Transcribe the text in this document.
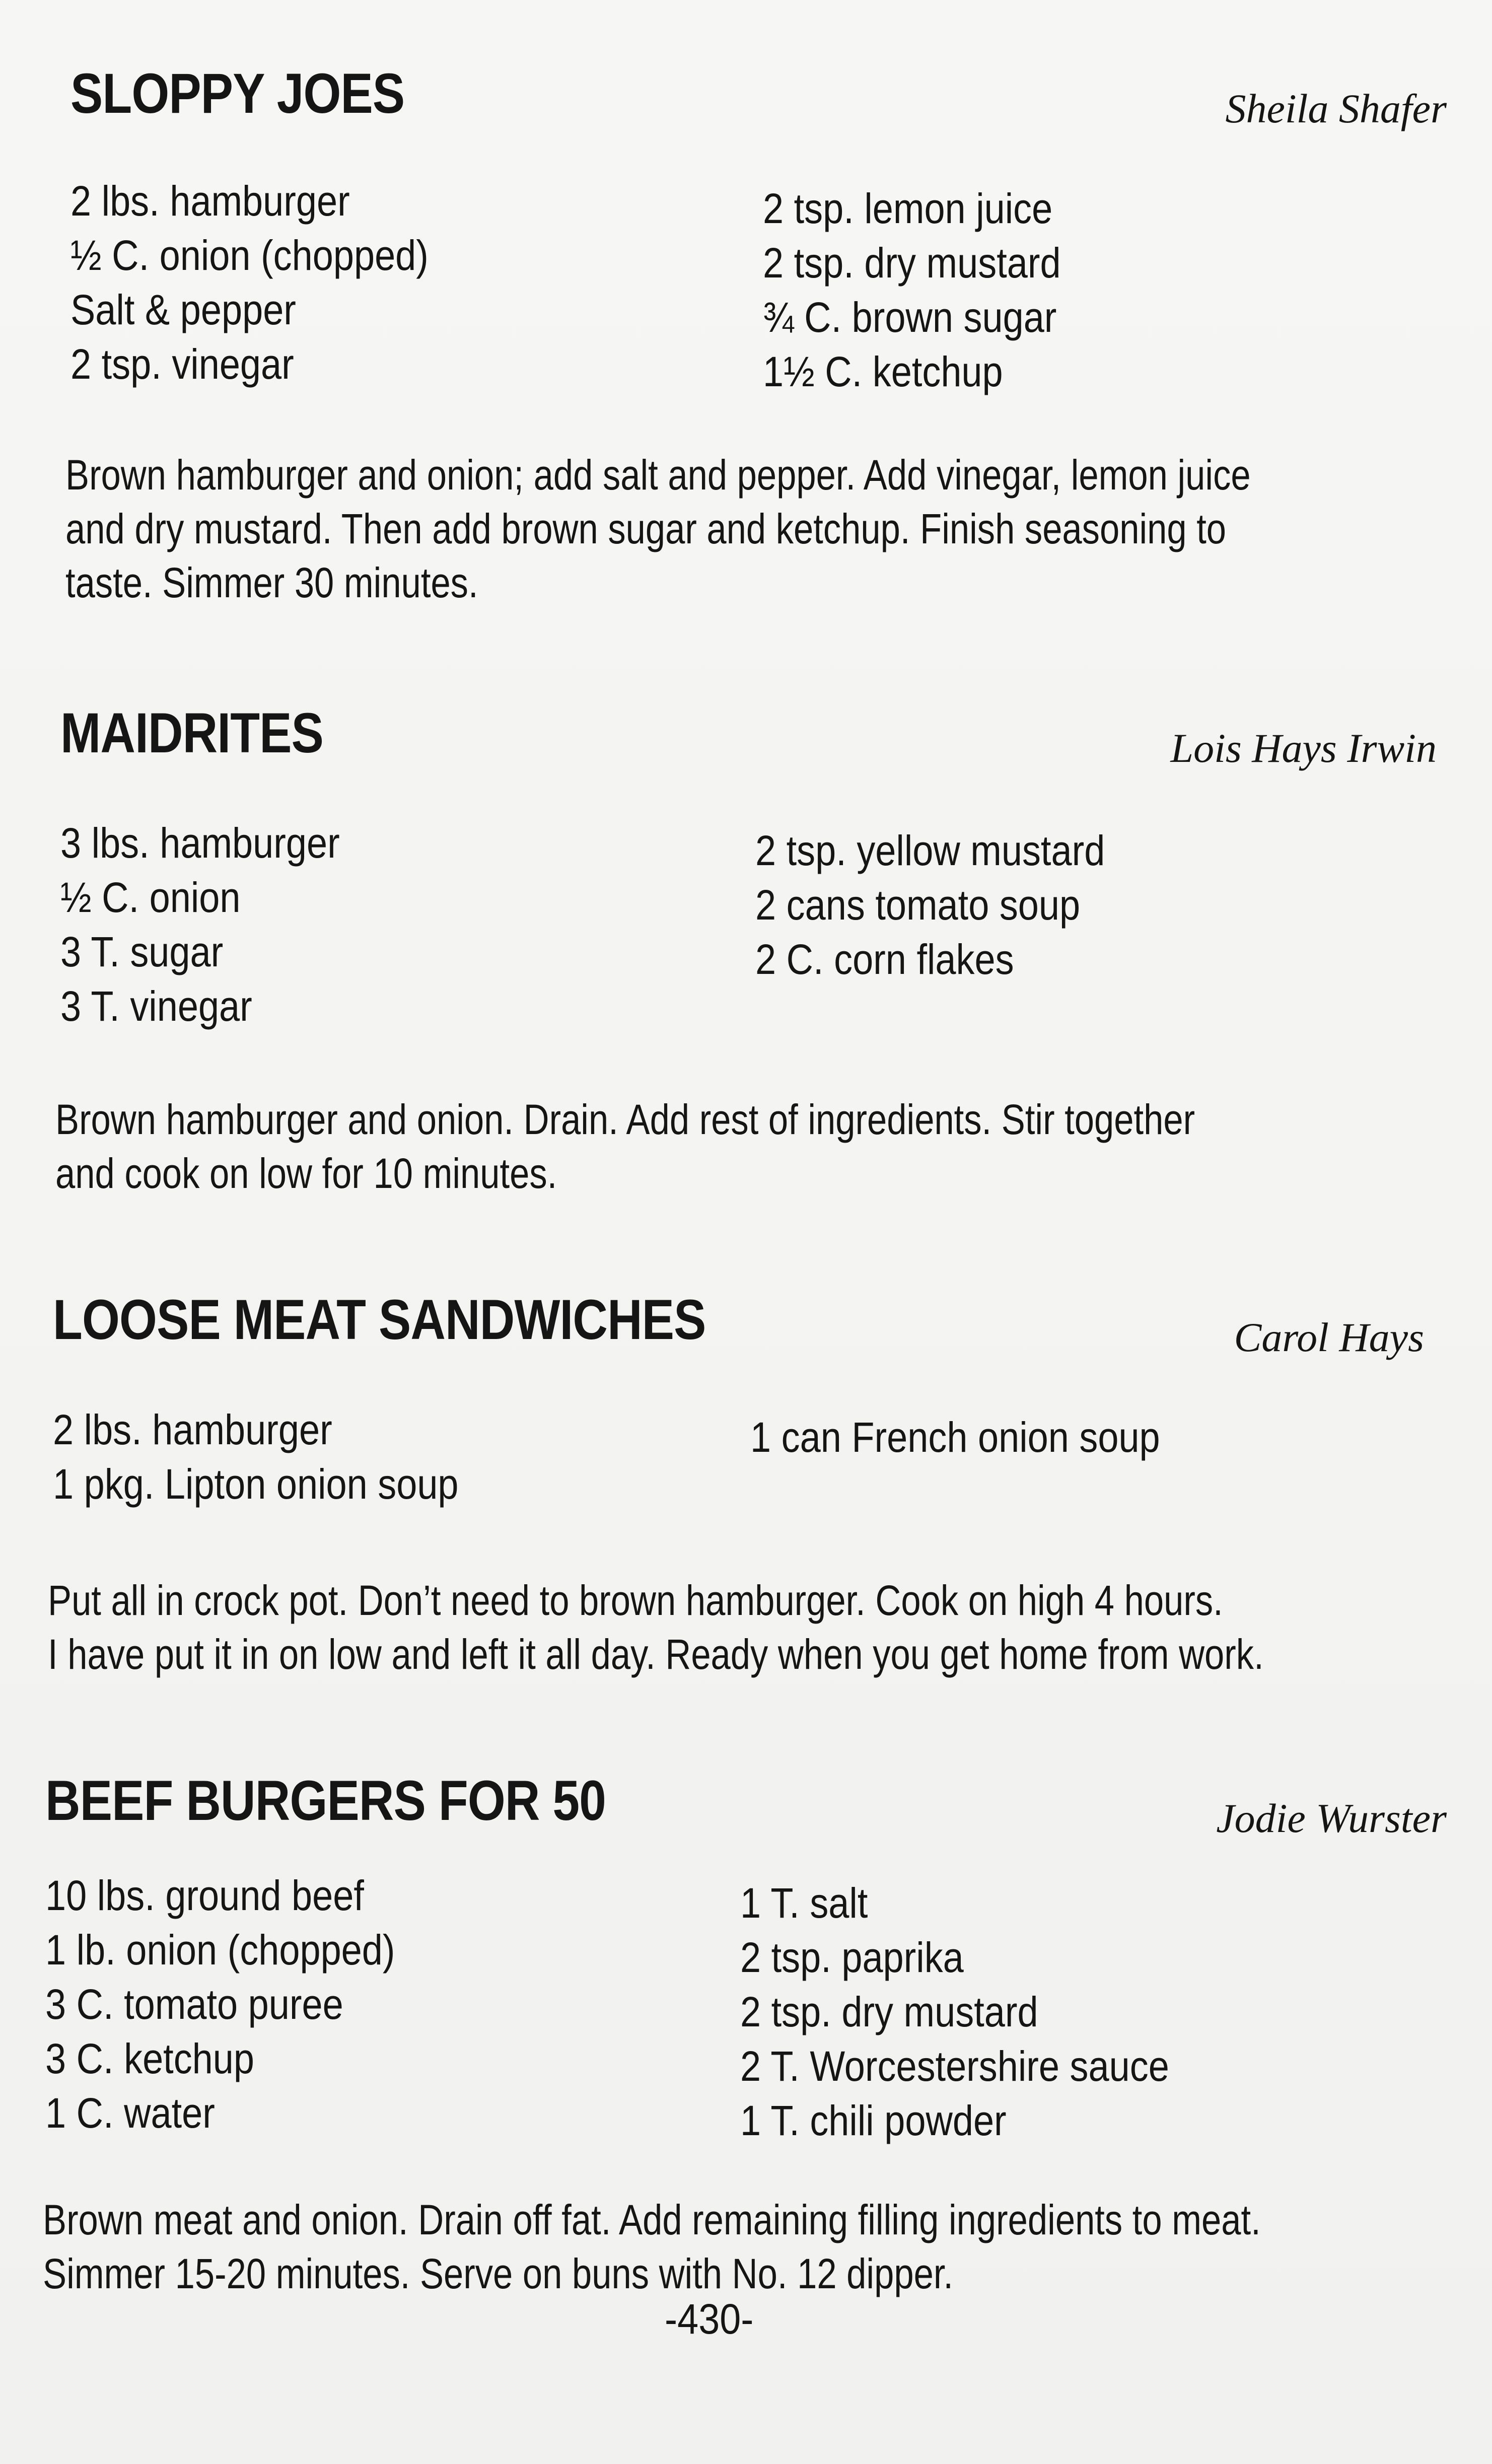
SLOPPY JOES	Sheila Shafer
2 lbs. hamburger
½ C. onion (chopped)
Salt & pepper
2 tsp. vinegar
2 tsp. lemon juice
2 tsp. dry mustard
¾ C. brown sugar
1½ C. ketchup
Brown hamburger and onion; add salt and pepper. Add vinegar, lemon juice
and dry mustard. Then add brown sugar and ketchup. Finish seasoning to
taste. Simmer 30 minutes.
MAIDRITES	Lois Hays Irwin
3 lbs. hamburger
½ C. onion
3 T. sugar
3 T. vinegar
2 tsp. yellow mustard
2 cans tomato soup
2 C. corn flakes
Brown hamburger and onion. Drain. Add rest of ingredients. Stir together
and cook on low for 10 minutes.
LOOSE MEAT SANDWICHES	Carol Hays
2 lbs. hamburger
1 pkg. Lipton onion soup
1 can French onion soup
Put all in crock pot. Don’t need to brown hamburger. Cook on high 4 hours.
I have put it in on low and left it all day. Ready when you get home from work.
BEEF BURGERS FOR 50	Jodie Wurster
10 lbs. ground beef
1 lb. onion (chopped)
3 C. tomato puree
3 C. ketchup
1 C. water
1 T. salt
2 tsp. paprika
2 tsp. dry mustard
2 T. Worcestershire sauce
1 T. chili powder
Brown meat and onion. Drain off fat. Add remaining filling ingredients to meat.
Simmer 15-20 minutes. Serve on buns with No. 12 dipper.
-430-
